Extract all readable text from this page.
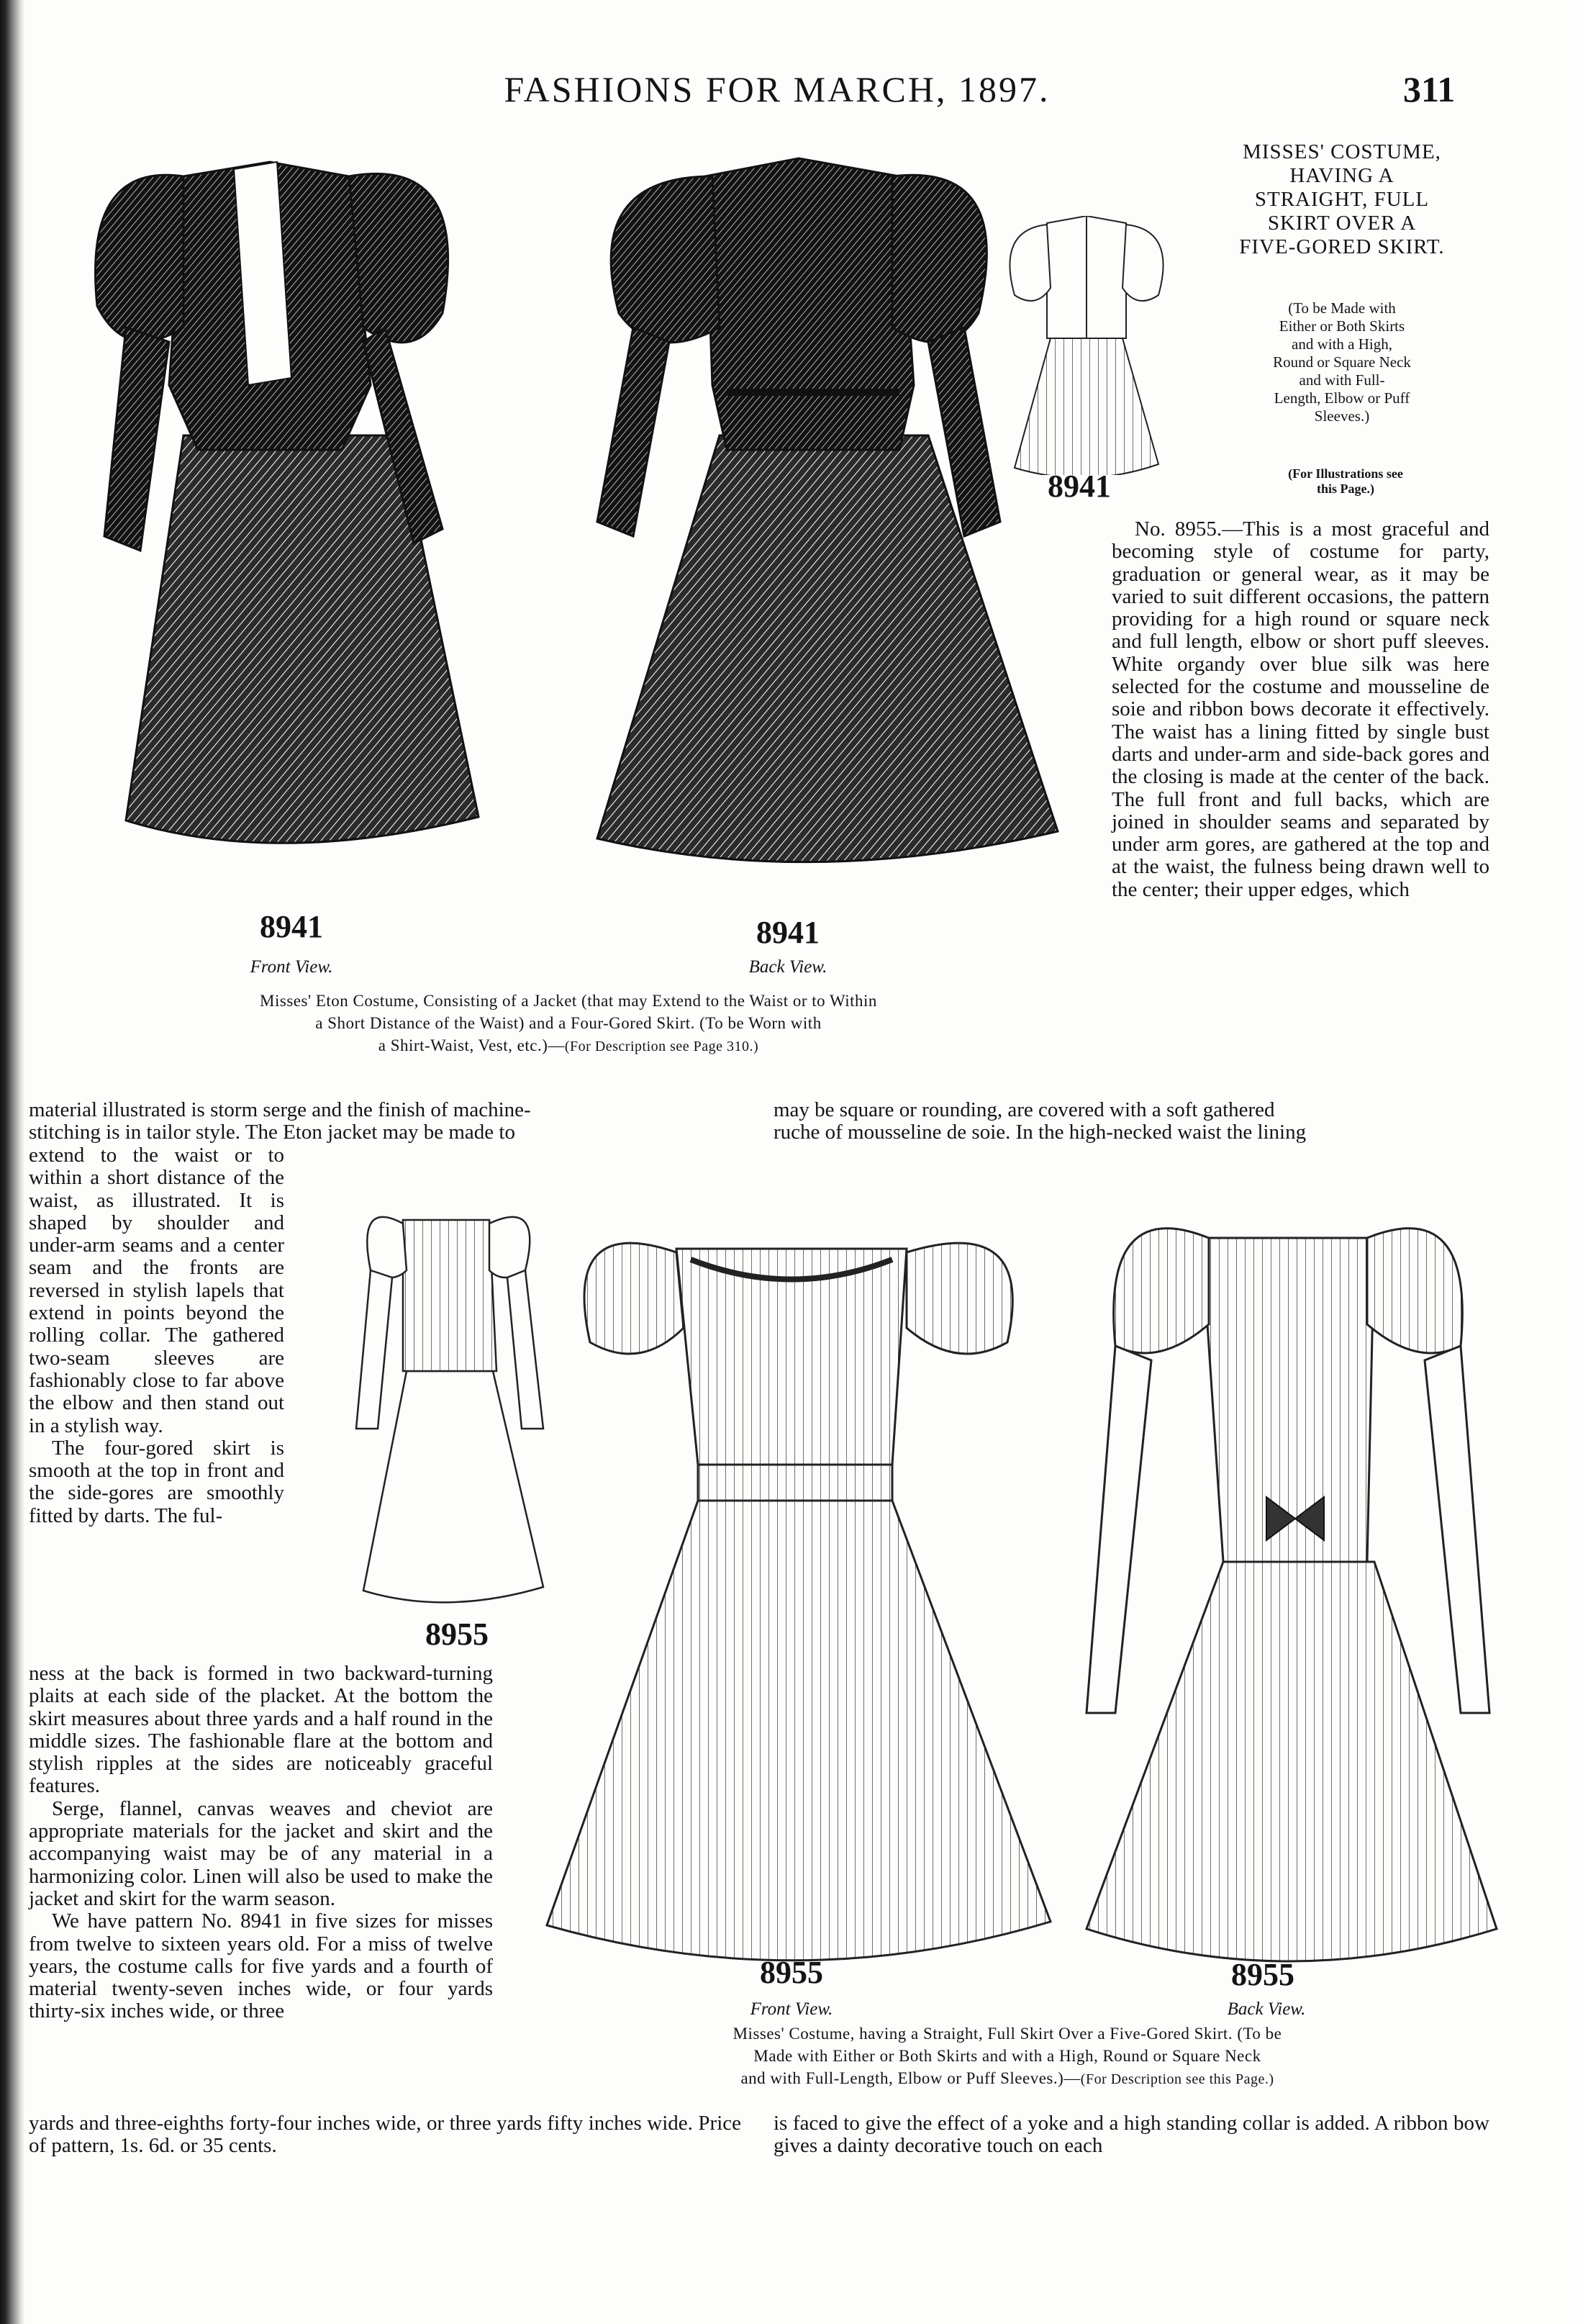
FASHIONS FOR MARCH, 1897.	311
8941
Front View.
8941
Back View.
8941
Misses' Eton Costume, Consisting of a Jacket (that may Extend to the Waist or to Within
a Short Distance of the Waist) and a Four-Gored Skirt. (To be Worn with
a Shirt-Waist, Vest, etc.)—(For Description see Page 310.)
MISSES' COSTUME,
HAVING A
STRAIGHT, FULL
SKIRT OVER A
FIVE-GORED SKIRT.
(To be Made with
Either or Both Skirts
and with a High,
Round or Square Neck
and with Full-
Length, Elbow or Puff
Sleeves.)
(For Illustrations see
this Page.)

No. 8955.—This is a most graceful and becoming style of costume for party, graduation or general wear, as it may be varied to suit different occasions, the pattern providing for a high round or square neck and full length, elbow or short puff sleeves. White organdy over blue silk was here selected for the costume and mousseline de soie and ribbon bows decorate it effectively. The waist has a lining fitted by single bust darts and under-arm and side-back gores and the closing is made at the center of the back. The full front and full backs, which are joined in shoulder seams and separated by under arm gores, are gathered at the top and at the waist, the fulness being drawn well to the center; their upper edges, which

material illustrated is storm serge and the finish of machine-
stitching is in tailor style. The Eton jacket may be made to
may be square or rounding, are covered with a soft gathered
ruche of mousseline de soie. In the high-necked waist the lining

extend to the waist or to within a short distance of the waist, as illustrated. It is shaped by shoulder and under-arm seams and a center seam and the fronts are reversed in stylish lapels that extend in points beyond the rolling collar. The gathered two-seam sleeves are fashionably close to far above the elbow and then stand out in a stylish way.

The four-gored skirt is smooth at the top in front and the side-gores are smoothly fitted by darts. The ful-

ness at the back is formed in two backward-turning plaits at each side of the placket. At the bottom the skirt measures about three yards and a half round in the middle sizes. The fashionable flare at the bottom and stylish ripples at the sides are noticeably graceful features.

Serge, flannel, canvas weaves and cheviot are appropriate materials for the jacket and skirt and the accompanying waist may be of any material in a harmonizing color. Linen will also be used to make the jacket and skirt for the warm season.

We have pattern No. 8941 in five sizes for misses from twelve to sixteen years old. For a miss of twelve years, the costume calls for five yards and a fourth of material twenty-seven inches wide, or four yards thirty-six inches wide, or three

8955
8955
Front View.
8955
Back View.
Misses' Costume, having a Straight, Full Skirt Over a Five-Gored Skirt. (To be
Made with Either or Both Skirts and with a High, Round or Square Neck
and with Full-Length, Elbow or Puff Sleeves.)—(For Description see this Page.)

yards and three-eighths forty-four inches wide, or three yards fifty inches wide. Price of pattern, 1s. 6d. or 35 cents.

is faced to give the effect of a yoke and a high standing collar is added. A ribbon bow gives a dainty decorative touch on each
